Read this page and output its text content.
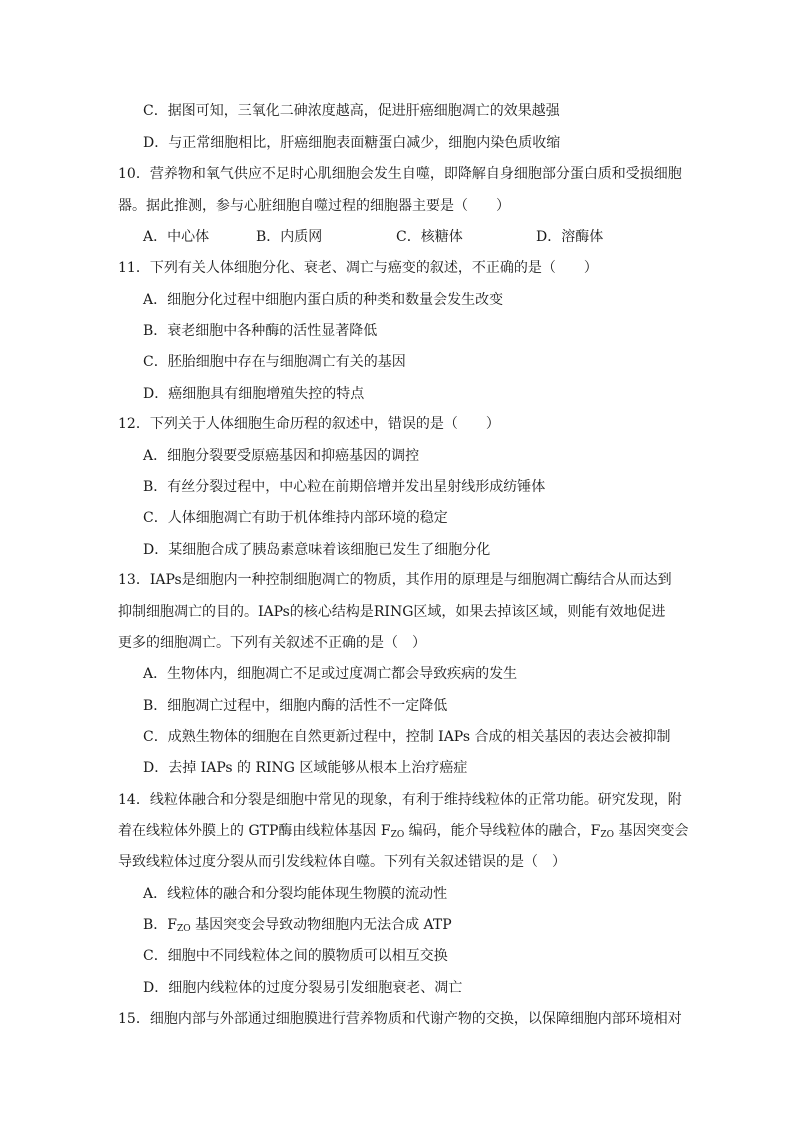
C．据图可知，三氧化二砷浓度越高，促进肝癌细胞凋亡的效果越强
D．与正常细胞相比，肝癌细胞表面糖蛋白减少，细胞内染色质收缩
10．营养物和氧气供应不足时心肌细胞会发生自噬，即降解自身细胞部分蛋白质和受损细胞
器。据此推测，参与心脏细胞自噬过程的细胞器主要是（　　）
A．中心体	B．内质网	C．核糖体	D．溶酶体
11．下列有关人体细胞分化、衰老、凋亡与癌变的叙述，不正确的是（　　）
A．细胞分化过程中细胞内蛋白质的种类和数量会发生改变
B．衰老细胞中各种酶的活性显著降低
C．胚胎细胞中存在与细胞凋亡有关的基因
D．癌细胞具有细胞增殖失控的特点
12．下列关于人体细胞生命历程的叙述中，错误的是（　　）
A．细胞分裂要受原癌基因和抑癌基因的调控
B．有丝分裂过程中，中心粒在前期倍增并发出星射线形成纺锤体
C．人体细胞凋亡有助于机体维持内部环境的稳定
D．某细胞合成了胰岛素意味着该细胞已发生了细胞分化
13．IAPs是细胞内一种控制细胞凋亡的物质，其作用的原理是与细胞凋亡酶结合从而达到
抑制细胞凋亡的目的。IAPs的核心结构是RING区域，如果去掉该区域，则能有效地促进
更多的细胞凋亡。下列有关叙述不正确的是（　）
A．生物体内，细胞凋亡不足或过度凋亡都会导致疾病的发生
B．细胞凋亡过程中，细胞内酶的活性不一定降低
C．成熟生物体的细胞在自然更新过程中，控制 IAPs 合成的相关基因的表达会被抑制
D．去掉 IAPs 的 RING 区域能够从根本上治疗癌症
14．线粒体融合和分裂是细胞中常见的现象，有利于维持线粒体的正常功能。研究发现，附
着在线粒体外膜上的 GTP酶由线粒体基因 $F_{ZO}$ 编码，能介导线粒体的融合，$F_{ZO}$ 基因突变会
导致线粒体过度分裂从而引发线粒体自噬。下列有关叙述错误的是（　）
A．线粒体的融合和分裂均能体现生物膜的流动性
B．$F_{ZO}$ 基因突变会导致动物细胞内无法合成 ATP
C．细胞中不同线粒体之间的膜物质可以相互交换
D．细胞内线粒体的过度分裂易引发细胞衰老、凋亡
15．细胞内部与外部通过细胞膜进行营养物质和代谢产物的交换，以保障细胞内部环境相对
